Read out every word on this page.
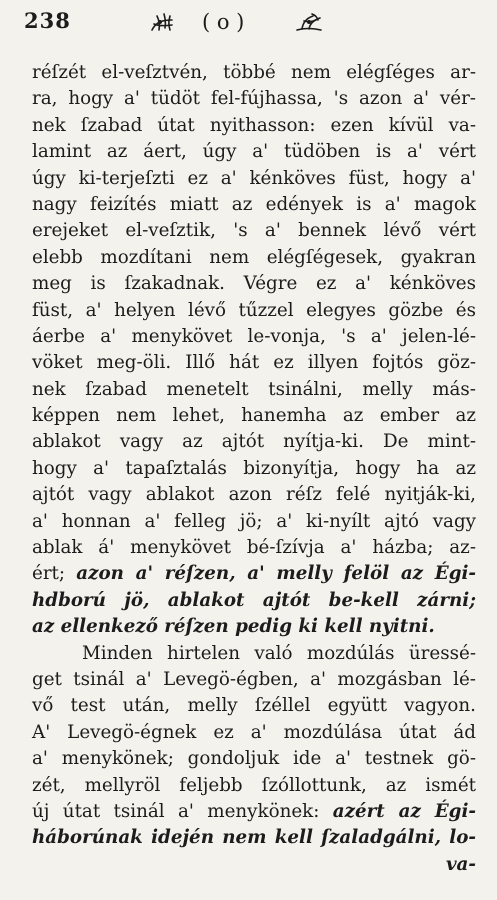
238	( o )
réſzét el-veſztvén, többé nem elégſéges ar-
ra, hogy a' tüdöt fel-fújhassa, 's azon a' vér-
nek ſzabad útat nyithasson: ezen kívül va-
lamint az áert, úgy a' tüdöben is a' vért
úgy ki-terjeſzti ez a' kénköves füst, hogy a'
nagy feizítés miatt az edények is a' magok
erejeket el-veſztik, 's a' bennek lévő vért
elebb mozdítani nem elégſégesek, gyakran
meg is ſzakadnak. Végre ez a' kénköves
füst, a' helyen lévő tűzzel elegyes gözbe és
áerbe a' menykövet le-vonja, 's a' jelen-lé-
vöket meg-öli. Illő hát ez illyen fojtós göz-
nek ſzabad menetelt tsinálni, melly más-
képpen nem lehet, hanemha az ember az
ablakot vagy az ajtót nyítja-ki. De mint-
hogy a' tapaſztalás bizonyítja, hogy ha az
ajtót vagy ablakot azon réſz felé nyitják-ki,
a' honnan a' felleg jö; a' ki-nyílt ajtó vagy
ablak á' menykövet bé-ſzívja a' házba; az-
ért; azon a' réſzen, a' melly felöl az Égi-
hdború jö, ablakot ajtót be-kell zárni;
az ellenkező réſzen pedig ki kell nyitni.
Minden hirtelen való mozdúlás üressé-
get tsinál a' Levegö-égben, a' mozgásban lé-
vő test után, melly ſzéllel együtt vagyon.
A' Levegö-égnek ez a' mozdúlása útat ád
a' menykönek; gondoljuk ide a' testnek gö-
zét, mellyröl feljebb ſzóllottunk, az ismét
új útat tsinál a' menykönek: azért az Égi-
háborúnak idején nem kell ſzaladgálni, lo-
va-
